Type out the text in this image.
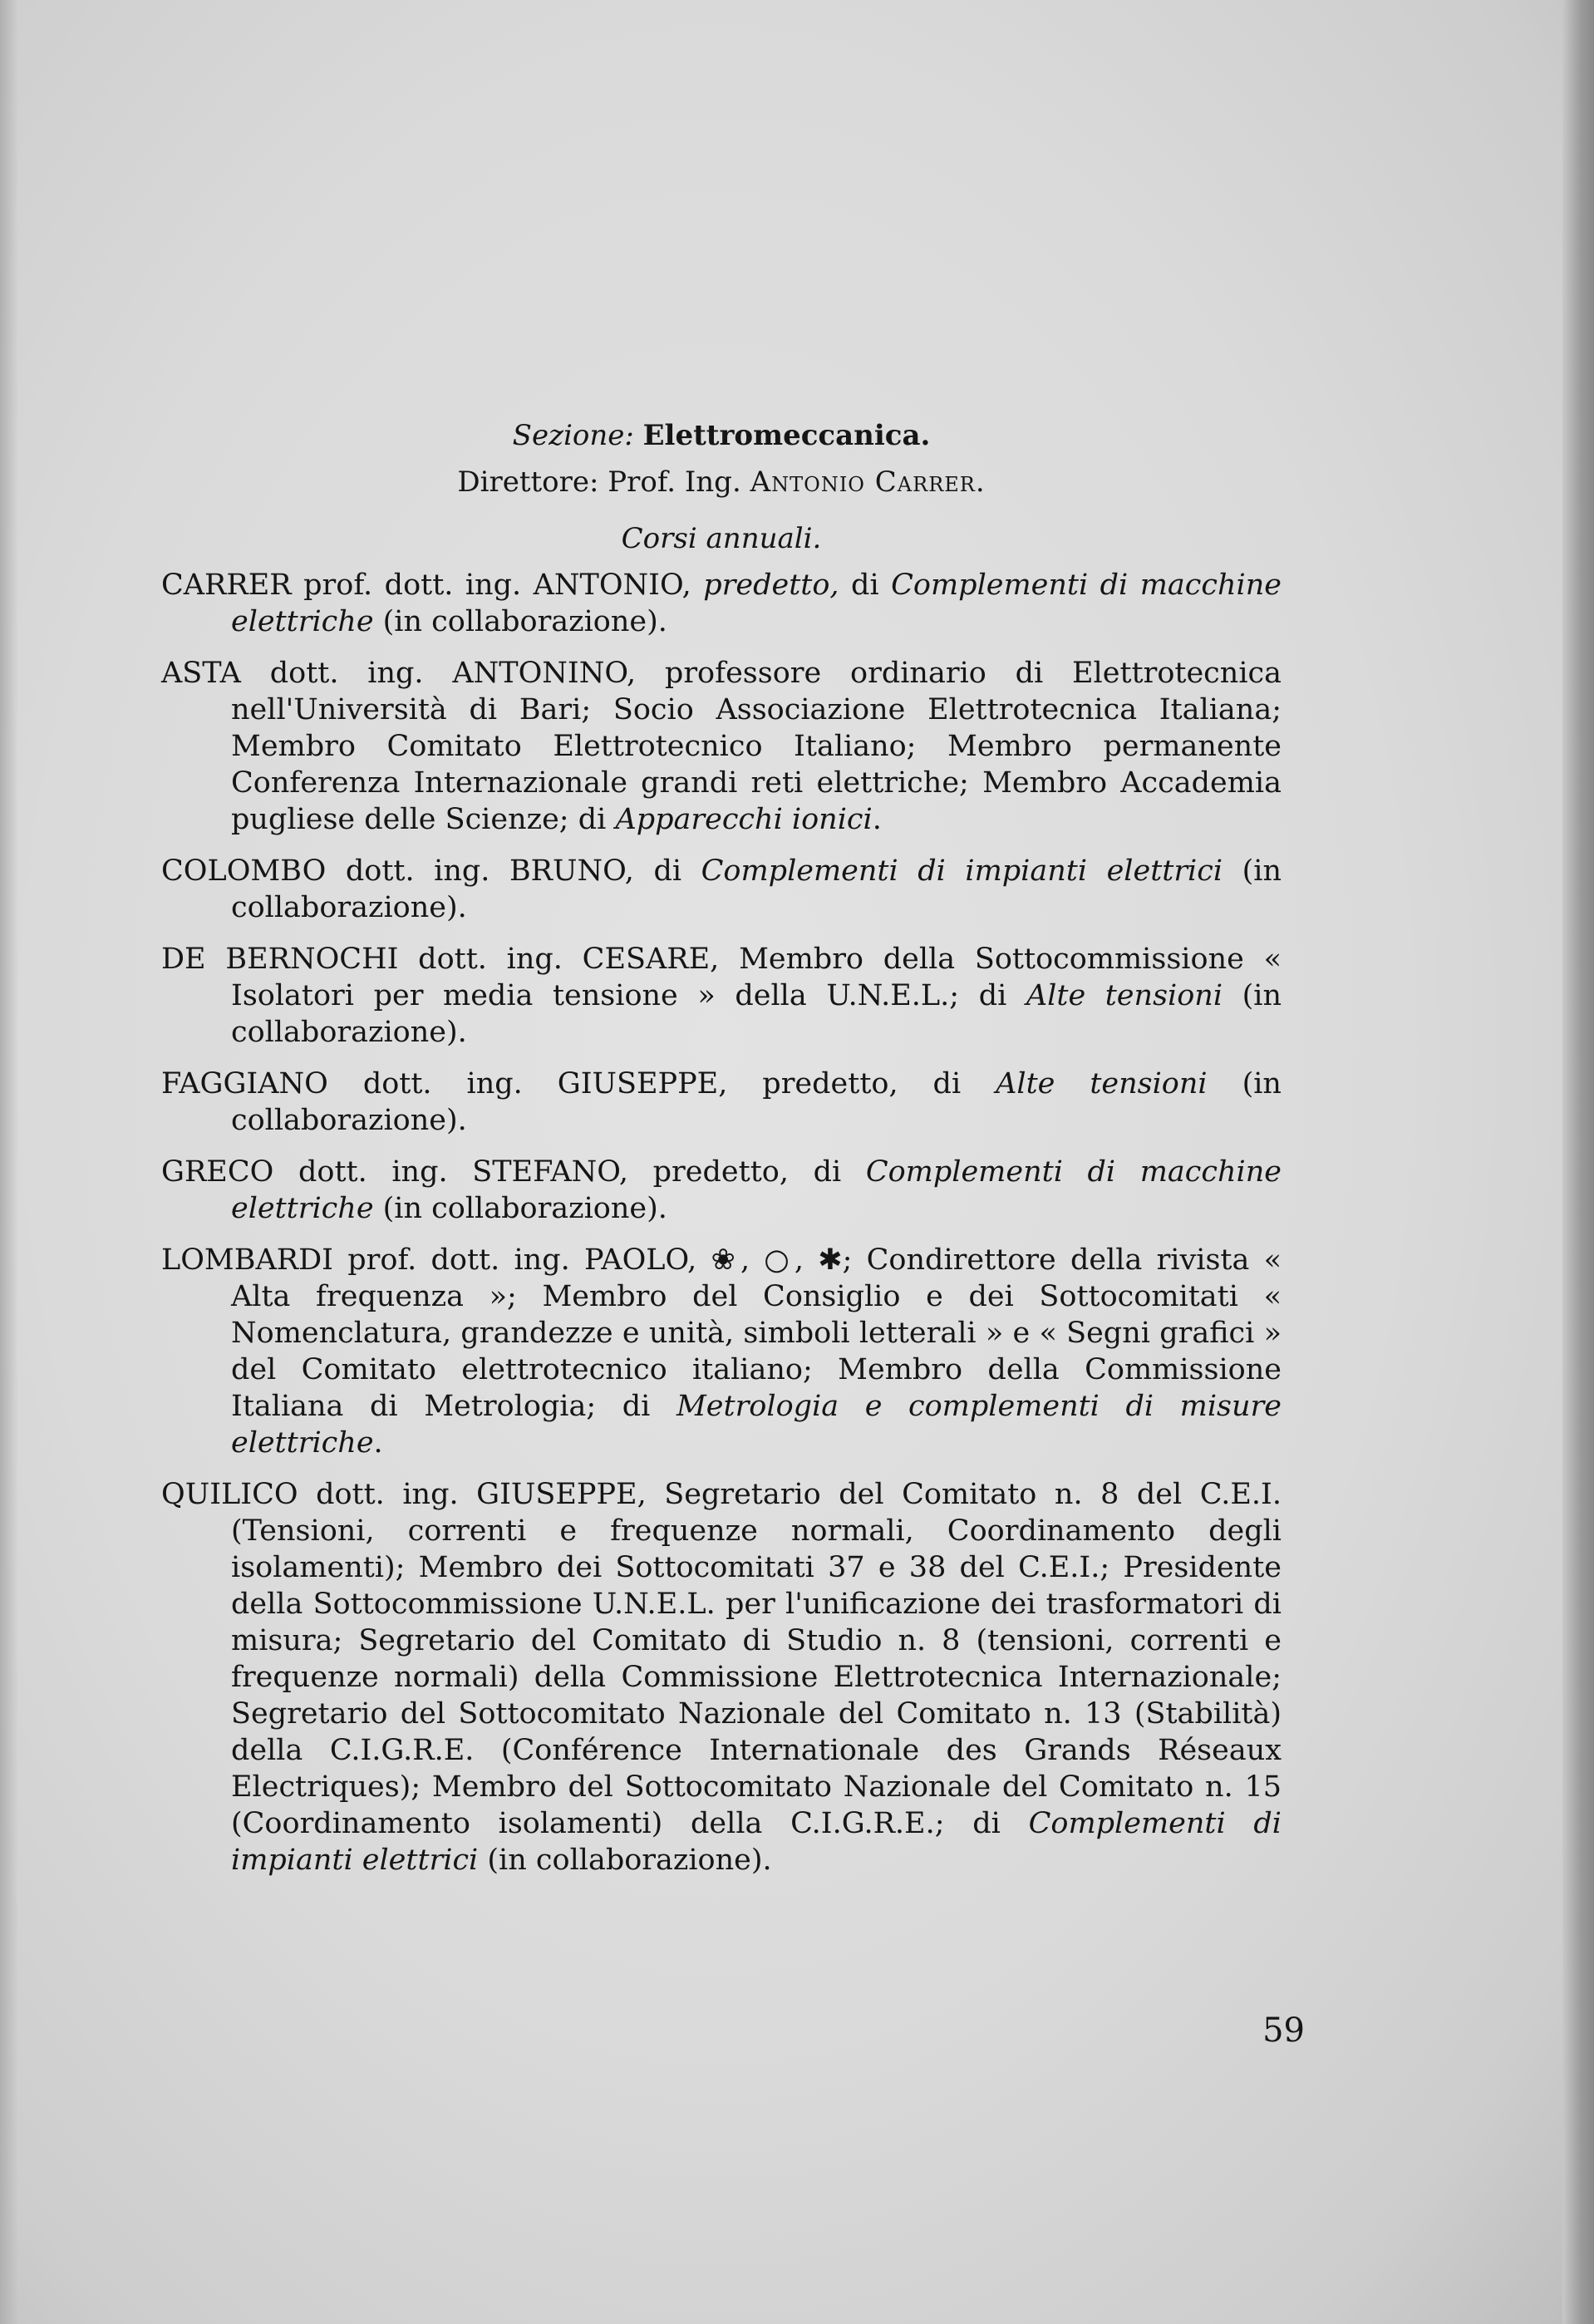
Sezione: Elettromeccanica.
Direttore: Prof. Ing. Antonio Carrer.
Corsi annuali.
CARRER prof. dott. ing. ANTONIO, predetto, di Complementi di macchine elettriche (in collaborazione).
ASTA dott. ing. ANTONINO, professore ordinario di Elettrotecnica nell'Università di Bari; Socio Associazione Elettrotecnica Italiana; Membro Comitato Elettrotecnico Italiano; Membro permanente Conferenza Internazionale grandi reti elettriche; Membro Accademia pugliese delle Scienze; di Apparecchi ionici.
COLOMBO dott. ing. BRUNO, di Complementi di impianti elettrici (in collaborazione).
DE BERNOCHI dott. ing. CESARE, Membro della Sottocommissione « Isolatori per media tensione » della U.N.E.L.; di Alte tensioni (in collaborazione).
FAGGIANO dott. ing. GIUSEPPE, predetto, di Alte tensioni (in collaborazione).
GRECO dott. ing. STEFANO, predetto, di Complementi di macchine elettriche (in collaborazione).
LOMBARDI prof. dott. ing. PAOLO, ❀, ○, ✱; Condirettore della rivista « Alta frequenza »; Membro del Consiglio e dei Sottocomitati « Nomenclatura, grandezze e unità, simboli letterali » e « Segni grafici » del Comitato elettrotecnico italiano; Membro della Commissione Italiana di Metrologia; di Metrologia e complementi di misure elettriche.
QUILICO dott. ing. GIUSEPPE, Segretario del Comitato n. 8 del C.E.I. (Tensioni, correnti e frequenze normali, Coordinamento degli isolamenti); Membro dei Sottocomitati 37 e 38 del C.E.I.; Presidente della Sottocommissione U.N.E.L. per l'unificazione dei trasformatori di misura; Segretario del Comitato di Studio n. 8 (tensioni, correnti e frequenze normali) della Commissione Elettrotecnica Internazionale; Segretario del Sottocomitato Nazionale del Comitato n. 13 (Stabilità) della C.I.G.R.E. (Conférence Internationale des Grands Réseaux Electriques); Membro del Sottocomitato Nazionale del Comitato n. 15 (Coordinamento isolamenti) della C.I.G.R.E.; di Complementi di impianti elettrici (in collaborazione).
59
